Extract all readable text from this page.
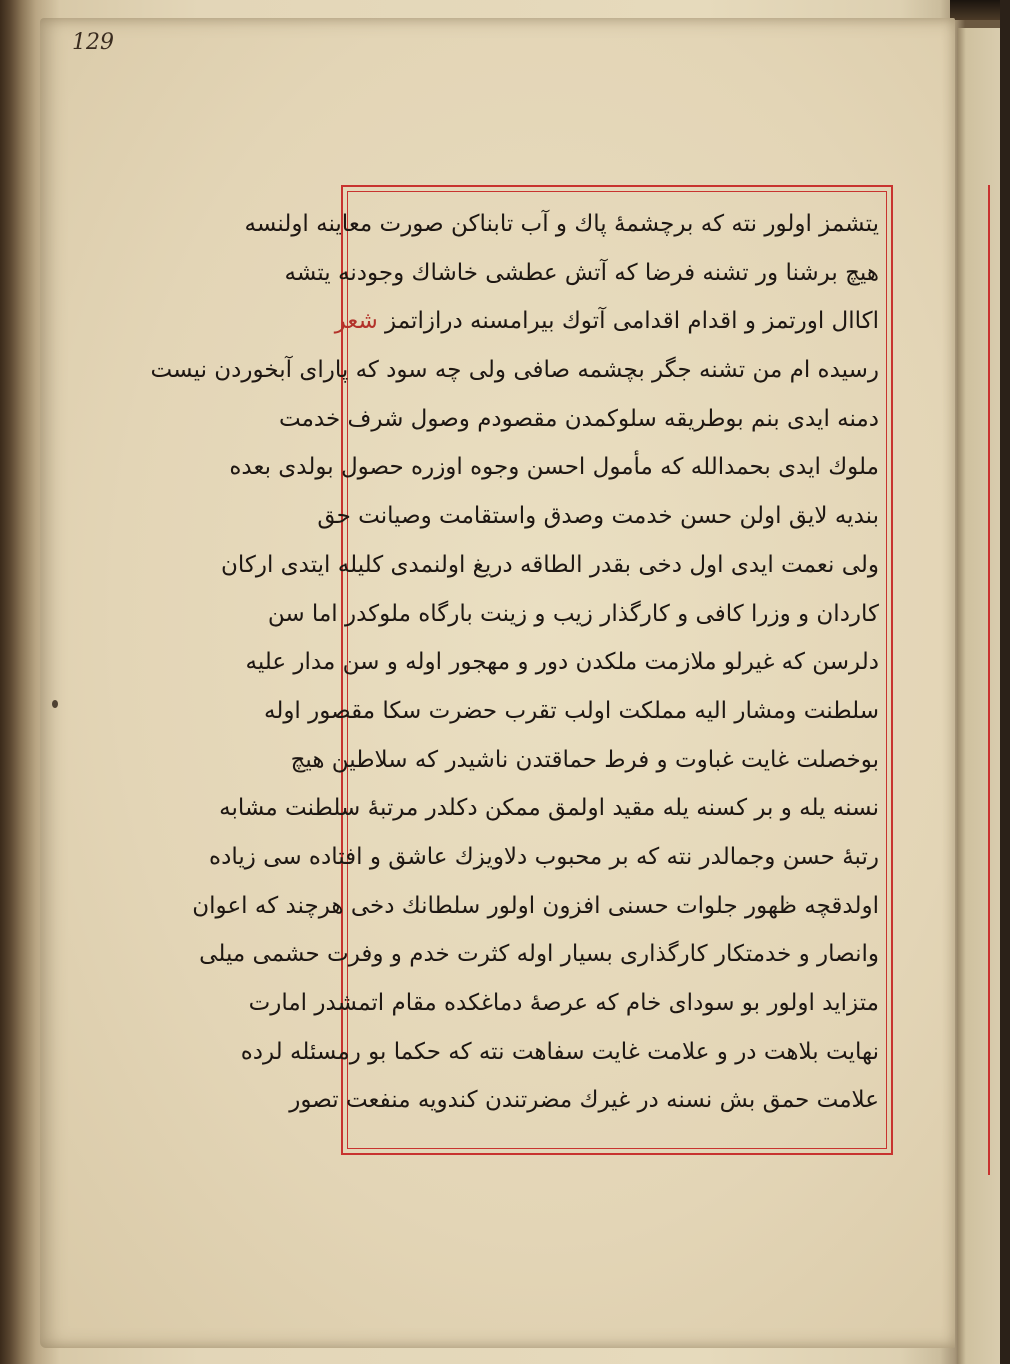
129
یتشمز اولور نته که برچشمهٔ پاك و آب تابناكن صورت معاینه اولنسه
هیچ برشنا ور تشنه فرضا که آتش عطشی خاشاك وجودنه یتشه
اكاال اورتمز و اقدام اقدامی آتوك بیرامسنه درازاتمز شعر
رسیده ام من تشنه جگر بچشمه صافی ولی چه سود که پارای آبخوردن نیست
دمنه ایدی بنم بوطریقه سلوکمدن مقصودم وصول شرف خدمت
ملوك ایدی بحمدالله که مأمول احسن وجوه اوزره حصول بولدی بعده
بندیه لایق اولن حسن خدمت وصدق واستقامت وصیانت حق
ولی نعمت ایدی اول دخی بقدر الطاقه دریغ اولنمدی کلیله ایتدی ارکان
کاردان و وزرا کافی و کارگذار زیب و زینت بارگاه ملوکدر اما سن
دلرسن که غیرلو ملازمت ملکدن دور و مهجور اوله و سن مدار علیه
سلطنت ومشار الیه مملکت اولب تقرب حضرت سکا مقصور اوله
بوخصلت غایت غباوت و فرط حماقتدن ناشیدر که سلاطین هیچ
نسنه یله و بر کسنه یله مقید اولمق ممکن دکلدر مرتبهٔ سلطنت مشابه
رتبهٔ حسن وجمالدر نته که بر محبوب دلاویزك عاشق و افتاده سی زیاده
اولدقچه ظهور جلوات حسنی افزون اولور سلطانك دخی هرچند که اعوان
وانصار و خدمتکار کارگذاری بسیار اوله کثرت خدم و وفرت حشمی میلی
متزاید اولور بو سودای خام که عرصهٔ دماغکده مقام اتمشدر امارت
نهایت بلاهت در و علامت غایت سفاهت نته که حکما بو رمسئله لرده
علامت حمق بش نسنه در غیرك مضرتندن کندویه منفعت تصور
